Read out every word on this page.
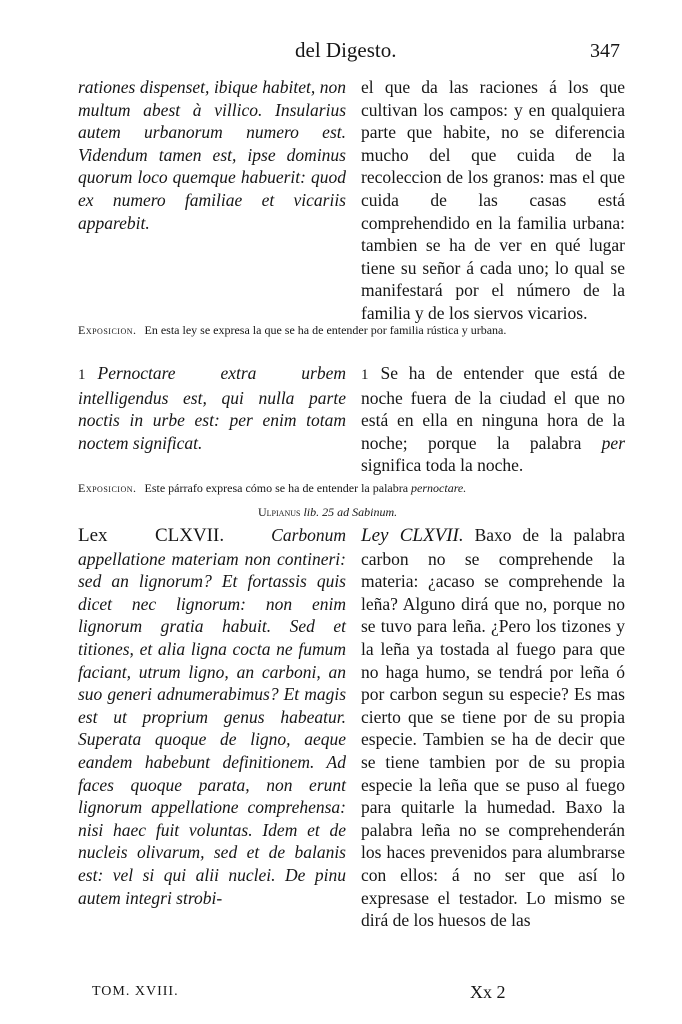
del Digesto.	347
rationes dispenset, ibique habitet, non multum abest à villico. Insularius autem urbanorum numero est. Videndum tamen est, ipse dominus quorum loco quemque habuerit: quod ex numero familiae et vicariis apparebit.
el que da las raciones á los que cultivan los campos: y en qualquiera parte que habite, no se diferencia mucho del que cuida de la recoleccion de los granos: mas el que cuida de las casas está comprehendido en la familia urbana: tambien se ha de ver en qué lugar tiene su señor á cada uno; lo qual se manifestará por el número de la familia y de los siervos vicarios.
Exposicion. En esta ley se expresa la que se ha de entender por familia rústica y urbana.
1 Pernoctare extra urbem intelligendus est, qui nulla parte noctis in urbe est: per enim totam noctem significat.
1 Se ha de entender que está de noche fuera de la ciudad el que no está en ella en ninguna hora de la noche; porque la palabra per significa toda la noche.
Exposicion. Este párrafo expresa cómo se ha de entender la palabra pernoctare.
Ulpianus lib. 25 ad Sabinum.
Lex CLXVII.	Carbonum appellatione materiam non contineri: sed an lignorum? Et fortassis quis dicet nec lignorum: non enim lignorum gratia habuit. Sed et titiones, et alia ligna cocta ne fumum faciant, utrum ligno, an carboni, an suo generi adnumerabimus? Et magis est ut proprium genus habeatur. Superata quoque de ligno, aeque eandem habebunt definitionem. Ad faces quoque parata, non erunt lignorum appellatione comprehensa: nisi haec fuit voluntas. Idem et de nucleis olivarum, sed et de balanis est: vel si qui alii nuclei. De pinu autem integri strobi-
Ley CLXVII. Baxo de la palabra carbon no se comprehende la materia: ¿acaso se comprehende la leña? Alguno dirá que no, porque no se tuvo para leña. ¿Pero los tizones y la leña ya tostada al fuego para que no haga humo, se tendrá por leña ó por carbon segun su especie? Es mas cierto que se tiene por de su propia especie. Tambien se ha de decir que se tiene tambien por de su propia especie la leña que se puso al fuego para quitarle la humedad. Baxo la palabra leña no se comprehenderán los haces prevenidos para alumbrarse con ellos: á no ser que así lo expresase el testador. Lo mismo se dirá de los huesos de las
TOM. XVIII.	Xx 2
